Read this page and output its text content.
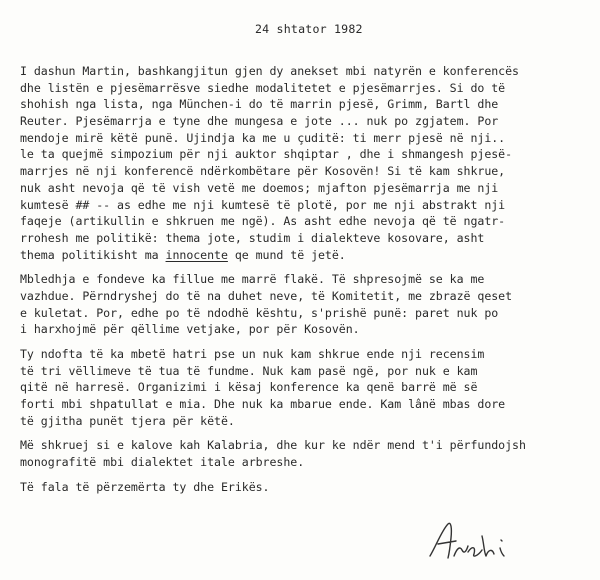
24 shtator 1982
I dashun Martin, bashkangjitun gjen dy anekset mbi natyrën e konferencës
dhe listën e pjesëmarrësve siedhe modalitetet e pjesëmarrjes. Si do të
shohish nga lista, nga München-i do të marrin pjesë, Grimm, Bartl dhe
Reuter. Pjesëmarrja e tyne dhe mungesa e jote ... nuk po zgjatem. Por
mendoje mirë këtë punë. Ujindja ka me u çuditë: ti merr pjesë në nji..
le ta quejmë simpozium për nji auktor shqiptar , dhe i shmangesh pjesë-
marrjes në nji konferencë ndërkombëtare për Kosovën! Si të kam shkrue,
nuk asht nevoja që të vish vetë me doemos; mjafton pjesëmarrja me nji
kumtesë ## -- as edhe me nji kumtesë të plotë, por me nji abstrakt nji
faqeje (artikullin e shkruen me ngë). As asht edhe nevoja që të ngatr-
rrohesh me politikë: thema jote, studim i dialekteve kosovare, asht
thema politikisht ma innocente qe mund të jetë.
Mbledhja e fondeve ka fillue me marrë flakë. Të shpresojmë se ka me
vazhdue. Përndryshej do të na duhet neve, të Komitetit, me zbrazë qeset
e kuletat. Por, edhe po të ndodhë kështu, s'prishë punë: paret nuk po
i harxhojmë për qëllime vetjake, por për Kosovën.
Ty ndofta të ka mbetë hatri pse un nuk kam shkrue ende nji recensim
të tri vëllimeve të tua të fundme. Nuk kam pasë ngë, por nuk e kam
qitë në harresë. Organizimi i kësaj konference ka qenë barrë më së
forti mbi shpatullat e mia. Dhe nuk ka mbarue ende. Kam lânë mbas dore
të gjitha punët tjera për këtë.
Më shkruej si e kalove kah Kalabria, dhe kur ke ndër mend t'i përfundojsh
monografitë mbi dialektet itale arbreshe.
Të fala të përzemërta ty dhe Erikës.
